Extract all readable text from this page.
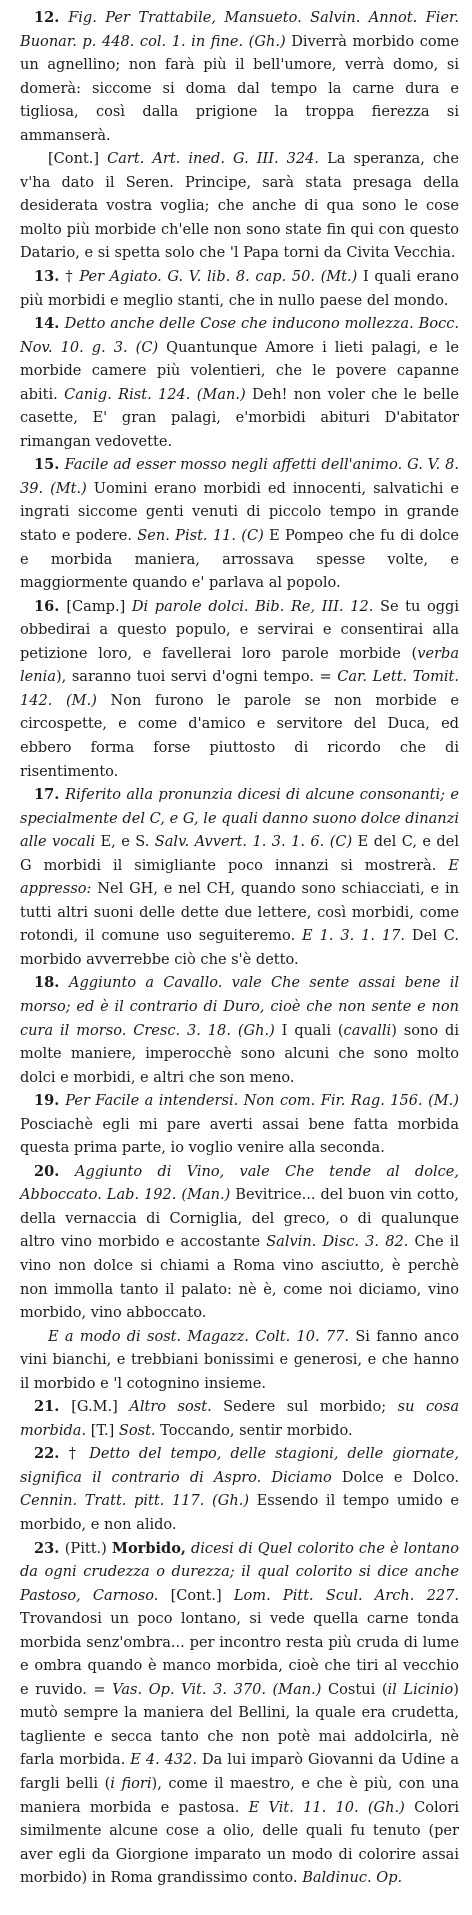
12. Fig. Per Trattabile, Mansueto. Salvin. Annot. Fier. Buonar. p. 448. col. 1. in fine. (Gh.) Diverrà morbido come un agnellino; non farà più il bell'umore, verrà domo, si domerà: siccome si doma dal tempo la carne dura e tigliosa, così dalla prigione la troppa fierezza si ammanserà.

[Cont.] Cart. Art. ined. G. III. 324. La speranza, che v'ha dato il Seren. Principe, sarà stata presaga della desiderata vostra voglia; che anche di qua sono le cose molto più morbide ch'elle non sono state fin qui con questo Datario, e si spetta solo che 'l Papa torni da Civita Vecchia.

13. † Per Agiato. G. V. lib. 8. cap. 50. (Mt.) I quali erano più morbidi e meglio stanti, che in nullo paese del mondo.

14. Detto anche delle Cose che inducono mollezza. Bocc. Nov. 10. g. 3. (C) Quantunque Amore i lieti palagi, e le morbide camere più volentieri, che le povere capanne abiti. Canig. Rist. 124. (Man.) Deh! non voler che le belle casette, E' gran palagi, e'morbidi abituri D'abitator rimangan vedovette.

15. Facile ad esser mosso negli affetti dell'animo. G. V. 8. 39. (Mt.) Uomini erano morbidi ed innocenti, salvatichi e ingrati siccome genti venuti di piccolo tempo in grande stato e podere. Sen. Pist. 11. (C) E Pompeo che fu di dolce e morbida maniera, arrossava spesse volte, e maggiormente quando e' parlava al popolo.

16. [Camp.] Di parole dolci. Bib. Re, III. 12. Se tu oggi obbedirai a questo populo, e servirai e consentirai alla petizione loro, e favellerai loro parole morbide (verba lenia), saranno tuoi servi d'ogni tempo. = Car. Lett. Tomit. 142. (M.) Non furono le parole se non morbide e circospette, e come d'amico e servitore del Duca, ed ebbero forma forse piuttosto di ricordo che di risentimento.

17. Riferito alla pronunzia dicesi di alcune consonanti; e specialmente del C, e G, le quali danno suono dolce dinanzi alle vocali E, e S. Salv. Avvert. 1. 3. 1. 6. (C) E del C, e del G morbidi il simigliante poco innanzi si mostrerà. E appresso: Nel GH, e nel CH, quando sono schiacciati, e in tutti altri suoni delle dette due lettere, così morbidi, come rotondi, il comune uso seguiteremo. E 1. 3. 1. 17. Del C. morbido avverrebbe ciò che s'è detto.

18. Aggiunto a Cavallo. vale Che sente assai bene il morso; ed è il contrario di Duro, cioè che non sente e non cura il morso. Cresc. 3. 18. (Gh.) I quali (cavalli) sono di molte maniere, imperocchè sono alcuni che sono molto dolci e morbidi, e altri che son meno.

19. Per Facile a intendersi. Non com. Fir. Rag. 156. (M.) Posciachè egli mi pare averti assai bene fatta morbida questa prima parte, io voglio venire alla seconda.

20. Aggiunto di Vino, vale Che tende al dolce, Abboccato. Lab. 192. (Man.) Bevitrice... del buon vin cotto, della vernaccia di Corniglia, del greco, o di qualunque altro vino morbido e accostante Salvin. Disc. 3. 82. Che il vino non dolce si chiami a Roma vino asciutto, è perchè non immolla tanto il palato: nè è, come noi diciamo, vino morbido, vino abboccato.

E a modo di sost. Magazz. Colt. 10. 77. Si fanno anco vini bianchi, e trebbiani bonissimi e generosi, e che hanno il morbido e 'l cotognino insieme.

21. [G.M.] Altro sost. Sedere sul morbido; su cosa morbida. [T.] Sost. Toccando, sentir morbido.

22. † Detto del tempo, delle stagioni, delle giornate, significa il contrario di Aspro. Diciamo Dolce e Dolco. Cennin. Tratt. pitt. 117. (Gh.) Essendo il tempo umido e morbido, e non alido.

23. (Pitt.) Morbido, dicesi di Quel colorito che è lontano da ogni crudezza o durezza; il qual colorito si dice anche Pastoso, Carnoso. [Cont.] Lom. Pitt. Scul. Arch. 227. Trovandosi un poco lontano, si vede quella carne tonda morbida senz'ombra... per incontro resta più cruda di lume e ombra quando è manco morbida, cioè che tiri al vecchio e ruvido. = Vas. Op. Vit. 3. 370. (Man.) Costui (il Licinio) mutò sempre la maniera del Bellini, la quale era crudetta, tagliente e secca tanto che non potè mai addolcirla, nè farla morbida. E 4. 432. Da lui imparò Giovanni da Udine a fargli belli (i fiori), come il maestro, e che è più, con una maniera morbida e pastosa. E Vit. 11. 10. (Gh.) Colori similmente alcune cose a olio, delle quali fu tenuto (per aver egli da Giorgione imparato un modo di colorire assai morbido) in Roma grandissimo conto. Baldinuc. Op.
